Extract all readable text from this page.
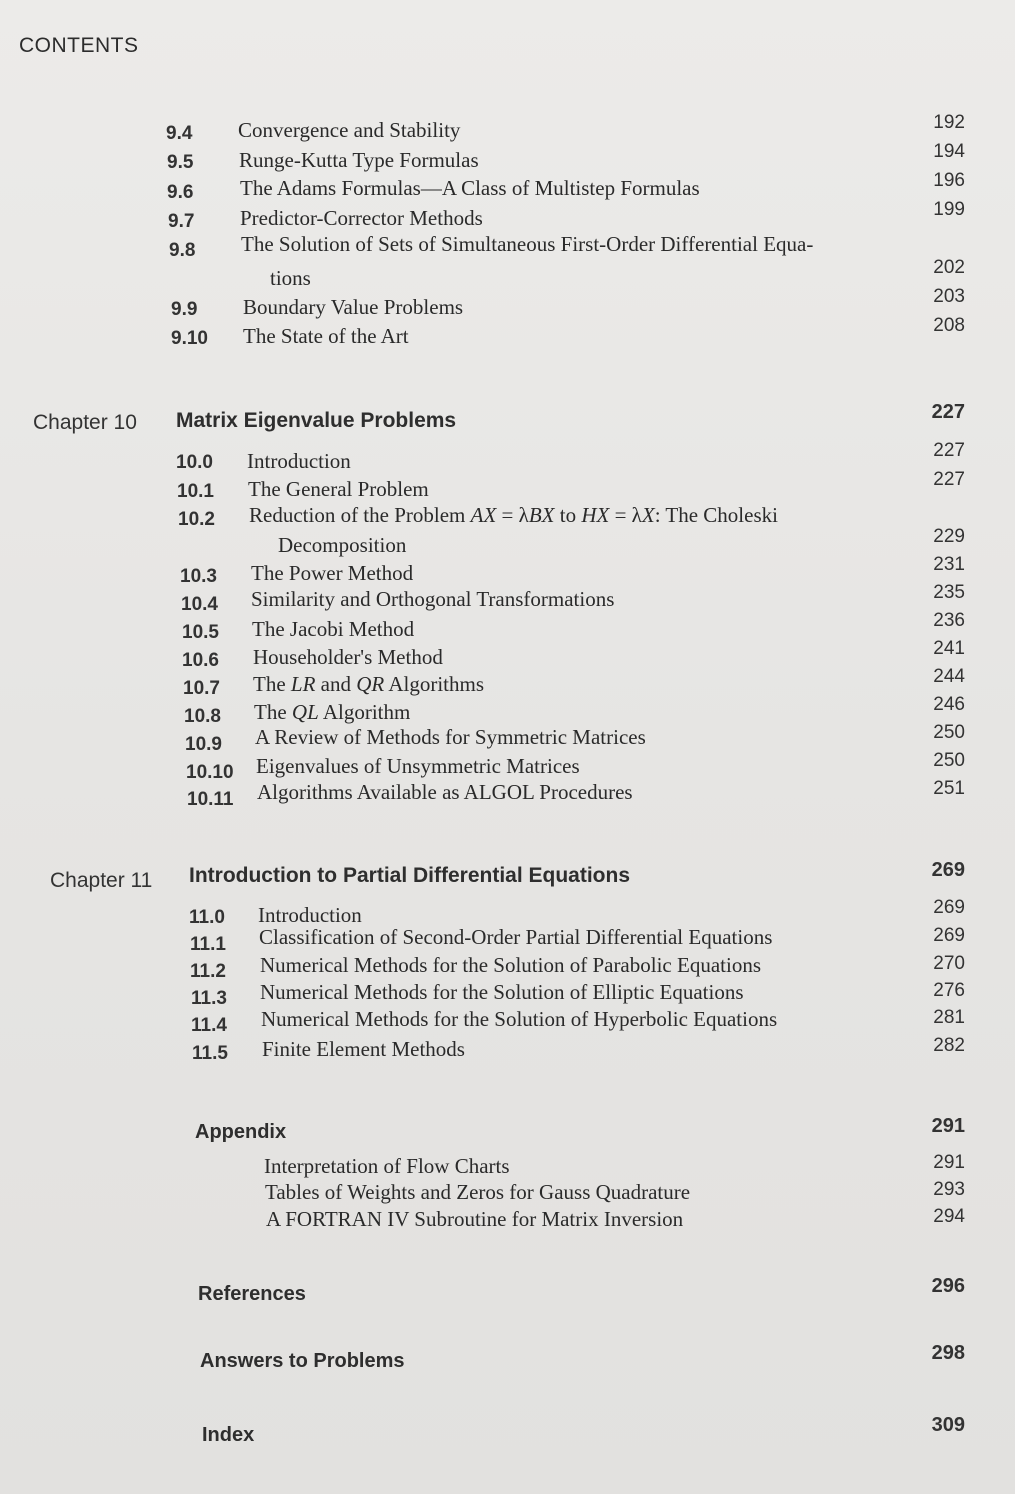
CONTENTS
9.4 Convergence and Stability	192
9.5 Runge-Kutta Type Formulas	194
9.6 The Adams Formulas—A Class of Multistep Formulas	196
9.7 Predictor-Corrector Methods	199
9.8 The Solution of Sets of Simultaneous First-Order Differential Equa-
tions	202
9.9 Boundary Value Problems	203
9.10 The State of the Art	208
Chapter 10 Matrix Eigenvalue Problems	227
10.0 Introduction	227
10.1 The General Problem	227
10.2 Reduction of the Problem AX = λBX to HX = λX: The Choleski
Decomposition	229
10.3 The Power Method	231
10.4 Similarity and Orthogonal Transformations	235
10.5 The Jacobi Method	236
10.6 Householder's Method	241
10.7 The LR and QR Algorithms	244
10.8 The QL Algorithm	246
10.9 A Review of Methods for Symmetric Matrices	250
10.10 Eigenvalues of Unsymmetric Matrices	250
10.11 Algorithms Available as ALGOL Procedures	251
Chapter 11 Introduction to Partial Differential Equations	269
11.0 Introduction	269
11.1 Classification of Second-Order Partial Differential Equations	269
11.2 Numerical Methods for the Solution of Parabolic Equations	270
11.3 Numerical Methods for the Solution of Elliptic Equations	276
11.4 Numerical Methods for the Solution of Hyperbolic Equations	281
11.5 Finite Element Methods	282
Appendix	291
Interpretation of Flow Charts	291
Tables of Weights and Zeros for Gauss Quadrature	293
A FORTRAN IV Subroutine for Matrix Inversion	294
References	296
Answers to Problems	298
Index	309
